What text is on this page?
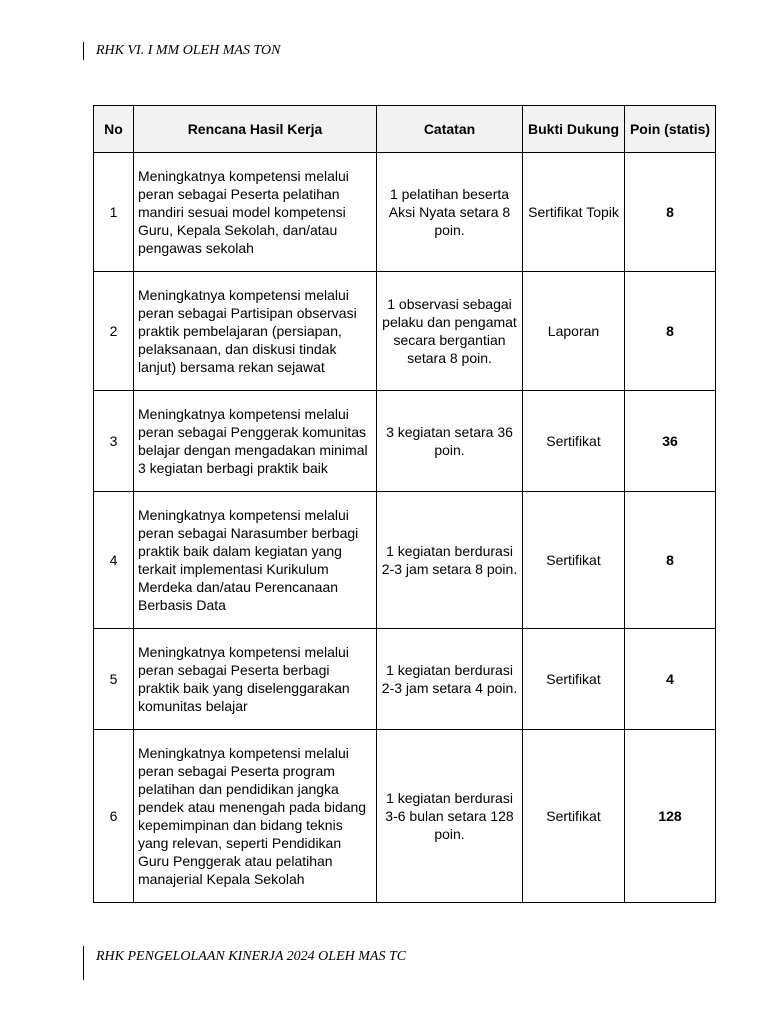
RHK VI. I MM OLEH MAS TON
No	Rencana Hasil Kerja	Catatan	Bukti Dukung	Poin (statis)
1	Meningkatnya kompetensi melalui peran sebagai Peserta pelatihan mandiri sesuai model kompetensi Guru, Kepala Sekolah, dan/atau pengawas sekolah	1 pelatihan beserta Aksi Nyata setara 8 poin.	Sertifikat Topik	8
2	Meningkatnya kompetensi melalui peran sebagai Partisipan observasi praktik pembelajaran (persiapan, pelaksanaan, dan diskusi tindak lanjut) bersama rekan sejawat	1 observasi sebagai pelaku dan pengamat secara bergantian setara 8 poin.	Laporan	8
3	Meningkatnya kompetensi melalui peran sebagai Penggerak komunitas belajar dengan mengadakan minimal 3 kegiatan berbagi praktik baik	3 kegiatan setara 36 poin.	Sertifikat	36
4	Meningkatnya kompetensi melalui peran sebagai Narasumber berbagi praktik baik dalam kegiatan yang terkait implementasi Kurikulum Merdeka dan/atau Perencanaan Berbasis Data	1 kegiatan berdurasi 2-3 jam setara 8 poin.	Sertifikat	8
5	Meningkatnya kompetensi melalui peran sebagai Peserta berbagi praktik baik yang diselenggarakan komunitas belajar	1 kegiatan berdurasi 2-3 jam setara 4 poin.	Sertifikat	4
6	Meningkatnya kompetensi melalui peran sebagai Peserta program pelatihan dan pendidikan jangka pendek atau menengah pada bidang kepemimpinan dan bidang teknis yang relevan, seperti Pendidikan Guru Penggerak atau pelatihan manajerial Kepala Sekolah	1 kegiatan berdurasi 3-6 bulan setara 128 poin.	Sertifikat	128
RHK PENGELOLAAN KINERJA 2024 OLEH MAS TC
